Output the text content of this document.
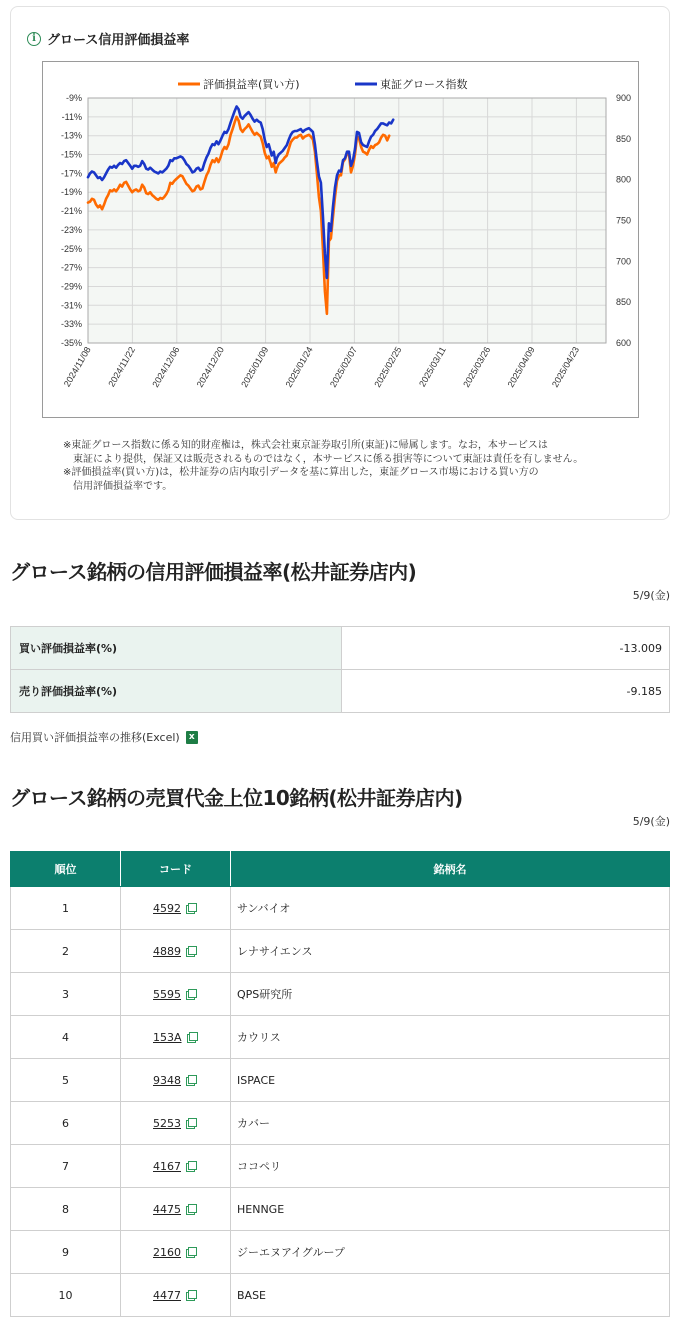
i グロース信用評価損益率
-9%
-11%
-13%
-15%
-17%
-19%
-21%
-23%
-25%
-27%
-29%
-31%
-33%
-35%
900
850
800
750
700
850
600
2024/11/08 2024/11/22 2024/12/06 2024/12/20 2025/01/09 2025/01/24 2025/02/07 2025/02/25 2025/03/11 2025/03/26 2025/04/09 2025/04/23
評価損益率(買い方)	東証グロース指数
※東証グロース指数に係る知的財産権は，株式会社東京証券取引所(東証)に帰属します。なお，本サービスは
　東証により提供，保証又は販売されるものではなく，本サービスに係る損害等について東証は責任を有しません。
※評価損益率(買い方)は，松井証券の店内取引データを基に算出した，東証グロース市場における買い方の
　信用評価損益率です。
グロース銘柄の信用評価損益率(松井証券店内)
5/9(金)
買い評価損益率(%)	-13.009
売り評価損益率(%)	-9.185
信用買い評価損益率の推移(Excel)	x
グロース銘柄の売買代金上位10銘柄(松井証券店内)
5/9(金)
順位	コード	銘柄名
1	4592	サンバイオ
2	4889	レナサイエンス
3	5595	QPS研究所
4	153A	カウリス
5	9348	ISPACE
6	5253	カバー
7	4167	ココペリ
8	4475	HENNGE
9	2160	ジーエヌアイグループ
10	4477	BASE
